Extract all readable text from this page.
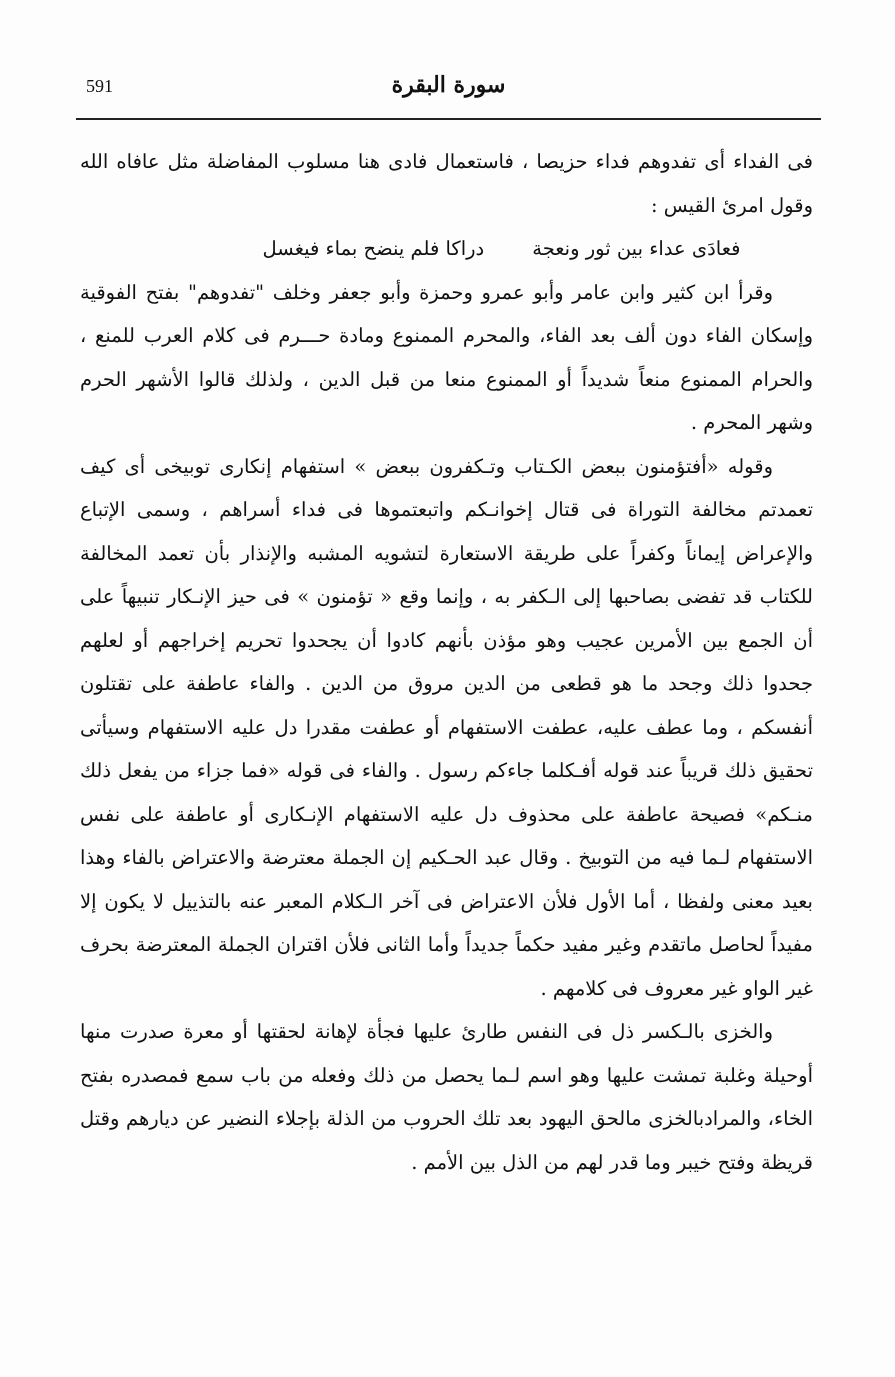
591	سورة البقرة

فى الفداء أى تفدوهم فداء حزيصا ، فاستعمال فادى هنا مسلوب المفاضلة مثل عافاه الله وقول امرئ القيس :

فعادَى عداء بين ثور ونعجة
دراكا فلم ينضح بماء فيغسل

وقرأ ابن كثير وابن عامر وأبو عمرو وحمزة وأبو جعفر وخلف "تفدوهم" بفتح الفوقية وإسكان الفاء دون ألف بعد الفاء، والمحرم الممنوع ومادة حـــرم فى كلام العرب للمنع ، والحرام الممنوع منعاً شديداً أو الممنوع منعا من قبل الدين ، ولذلك قالوا الأشهر الحرم وشهر المحرم .

وقوله «أفتؤمنون ببعض الكـتاب وتـكفرون ببعض » استفهام إنكارى توبيخى أى كيف تعمدتم مخالفة التوراة فى قتال إخوانـكم واتبعتموها فى فداء أسراهم ، وسمى الإتباع والإعراض إيماناً وكفراً على طريقة الاستعارة لتشويه المشبه والإنذار بأن تعمد المخالفة للكتاب قد تفضى بصاحبها إلى الـكفر به ، وإنما وقع « تؤمنون » فى حيز الإنـكار تنبيهاً على أن الجمع بين الأمرين عجيب وهو مؤذن بأنهم كادوا أن يجحدوا تحريم إخراجهم أو لعلهم جحدوا ذلك وجحد ما هو قطعى من الدين مروق من الدين . والفاء عاطفة على تقتلون أنفسكم ، وما عطف عليه، عطفت الاستفهام أو عطفت مقدرا دل عليه الاستفهام وسيأتى تحقيق ذلك قريباً عند قوله أفـكلما جاءكم رسول . والفاء فى قوله «فما جزاء من يفعل ذلك منـكم» فصيحة عاطفة على محذوف دل عليه الاستفهام الإنـكارى أو عاطفة على نفس الاستفهام لـما فيه من التوبيخ . وقال عبد الحـكيم إن الجملة معترضة والاعتراض بالفاء وهذا بعيد معنى ولفظا ، أما الأول فلأن الاعتراض فى آخر الـكلام المعبر عنه بالتذييل لا يكون إلا مفيداً لحاصل ماتقدم وغير مفيد حكماً جديداً وأما الثانى فلأن اقتران الجملة المعترضة بحرف غير الواو غير معروف فى كلامهم .

والخزى بالـكسر ذل فى النفس طارئ عليها فجأة لإهانة لحقتها أو معرة صدرت منها أوحيلة وغلبة تمشت عليها وهو اسم لـما يحصل من ذلك وفعله من باب سمع فمصدره بفتح الخاء، والمرادبالخزى مالحق اليهود بعد تلك الحروب من الذلة بإجلاء النضير عن ديارهم وقتل قريظة وفتح خيبر وما قدر لهم من الذل بين الأمم .
